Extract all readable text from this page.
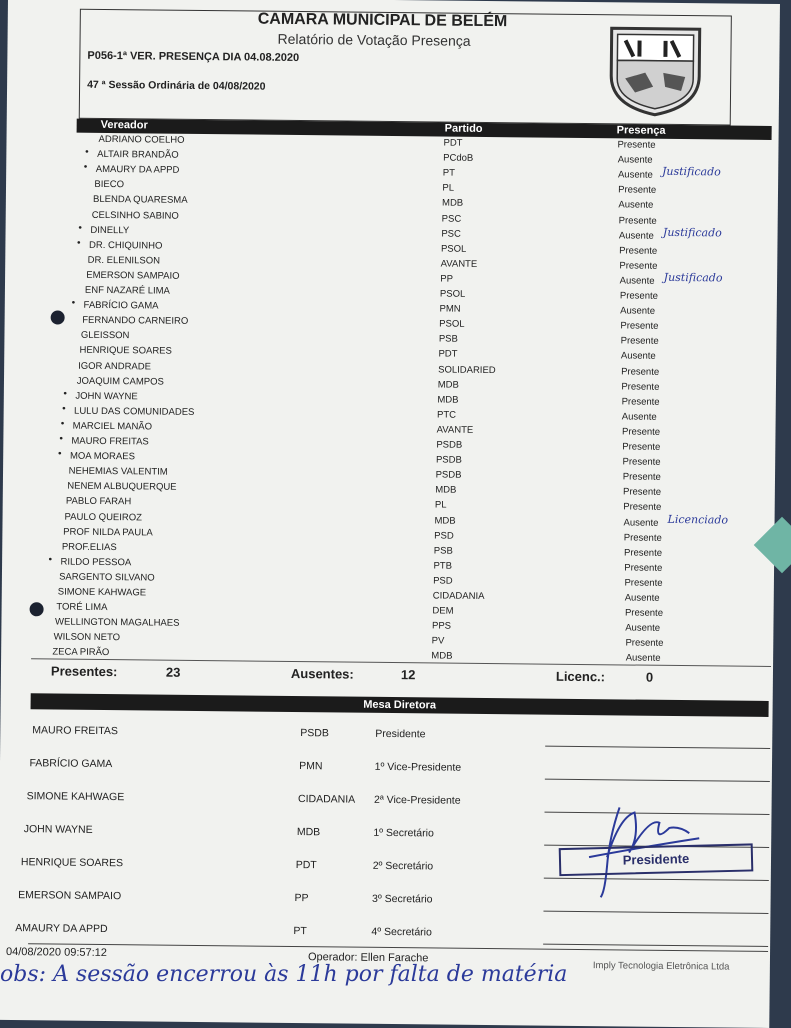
CAMARA MUNICIPAL DE BELÉM
Relatório de Votação Presença
P056-1ª VER. PRESENÇA DIA 04.08.2020
47 ª Sessão Ordinária de 04/08/2020
Vereador	Partido	Presença
ADRIANO COELHO	PDT	Presente
• ALTAIR BRANDÃO	PCdoB	Ausente
• AMAURY DA APPD	PT	Ausente Justificado
BIECO	PL	Presente
BLENDA QUARESMA	MDB	Ausente
CELSINHO SABINO	PSC	Presente
• DINELLY	PSC	Ausente Justificado
• DR. CHIQUINHO	PSOL	Presente
DR. ELENILSON	AVANTE	Presente
EMERSON SAMPAIO	PP	Ausente Justificado
ENF NAZARÉ LIMA	PSOL	Presente
• FABRÍCIO GAMA	PMN	Ausente
FERNANDO CARNEIRO	PSOL	Presente
GLEISSON	PSB	Presente
HENRIQUE SOARES	PDT	Ausente
IGOR ANDRADE	SOLIDARIED	Presente
JOAQUIM CAMPOS	MDB	Presente
• JOHN WAYNE	MDB	Presente
• LULU DAS COMUNIDADES	PTC	Ausente
• MARCIEL MANÃO	AVANTE	Presente
• MAURO FREITAS	PSDB	Presente
• MOA MORAES	PSDB	Presente
NEHEMIAS VALENTIM	PSDB	Presente
NENEM ALBUQUERQUE	MDB	Presente
PABLO FARAH	PL	Presente
PAULO QUEIROZ	MDB	Ausente Licenciado
PROF NILDA PAULA	PSD	Presente
PROF.ELIAS	PSB	Presente
• RILDO PESSOA	PTB	Presente
SARGENTO SILVANO	PSD	Presente
SIMONE KAHWAGE	CIDADANIA	Ausente
TORÉ LIMA	DEM	Presente
WELLINGTON MAGALHAES	PPS	Ausente
WILSON NETO	PV	Presente
ZECA PIRÃO	MDB	Ausente
Presentes:	23	Ausentes:	12	Licenc.:	0
Mesa Diretora
MAURO FREITAS	PSDB	Presidente
FABRÍCIO GAMA	PMN	1º Vice-Presidente
SIMONE KAHWAGE	CIDADANIA 2ª Vice-Presidente
JOHN WAYNE	MDB	1º Secretário
HENRIQUE SOARES	PDT	2º Secretário
EMERSON SAMPAIO	PP	3º Secretário
AMAURY DA APPD	PT	4º Secretário
Presidente
04/08/2020 09:57:12	Operador: Ellen Farache
Imply Tecnologia Eletrônica Ltda
obs: A sessão encerrou às 11h por falta de matéria
